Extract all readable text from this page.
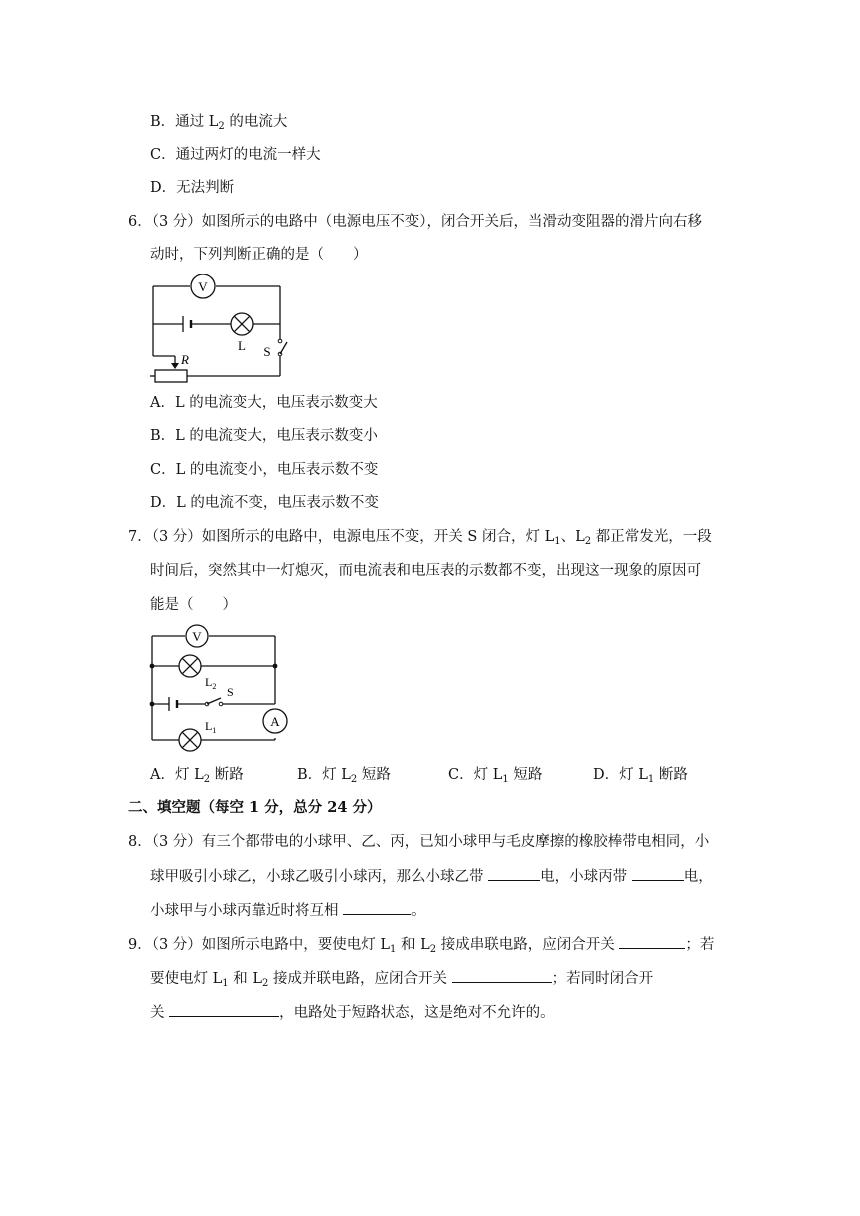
B．通过 $L_2$ 的电流大
C．通过两灯的电流一样大
D．无法判断
6．（3 分）如图所示的电路中（电源电压不变），闭合开关后，当滑动变阻器的滑片向右移
动时，下列判断正确的是（　　）
V
L S
R
A．L 的电流变大，电压表示数变大
B．L 的电流变大，电压表示数变小
C．L 的电流变小，电压表示数不变
D．L 的电流不变，电压表示数不变
7．（3 分）如图所示的电路中，电源电压不变，开关 S 闭合，灯 $L_1$、$L_2$ 都正常发光，一段
时间后，突然其中一灯熄灭，而电流表和电压表的示数都不变，出现这一现象的原因可
能是（　　）
V
$L_2$ S
A
$L_1$
A．灯 $L_2$ 断路	B．灯 $L_2$ 短路	C．灯 $L_1$ 短路	D．灯 $L_1$ 断路
二、填空题（每空 1 分，总分 24 分）
8．（3 分）有三个都带电的小球甲、乙、丙，已知小球甲与毛皮摩擦的橡胶棒带电相同，小
球甲吸引小球乙，小球乙吸引小球丙，那么小球乙带	电，小球丙带	电，
小球甲与小球丙靠近时将互相	。
9．（3 分）如图所示电路中，要使电灯 $L_1$ 和 $L_2$ 接成串联电路，应闭合开关	；若
要使电灯 $L_1$ 和 $L_2$ 接成并联电路，应闭合开关	；若同时闭合开
关	，电路处于短路状态，这是绝对不允许的。
